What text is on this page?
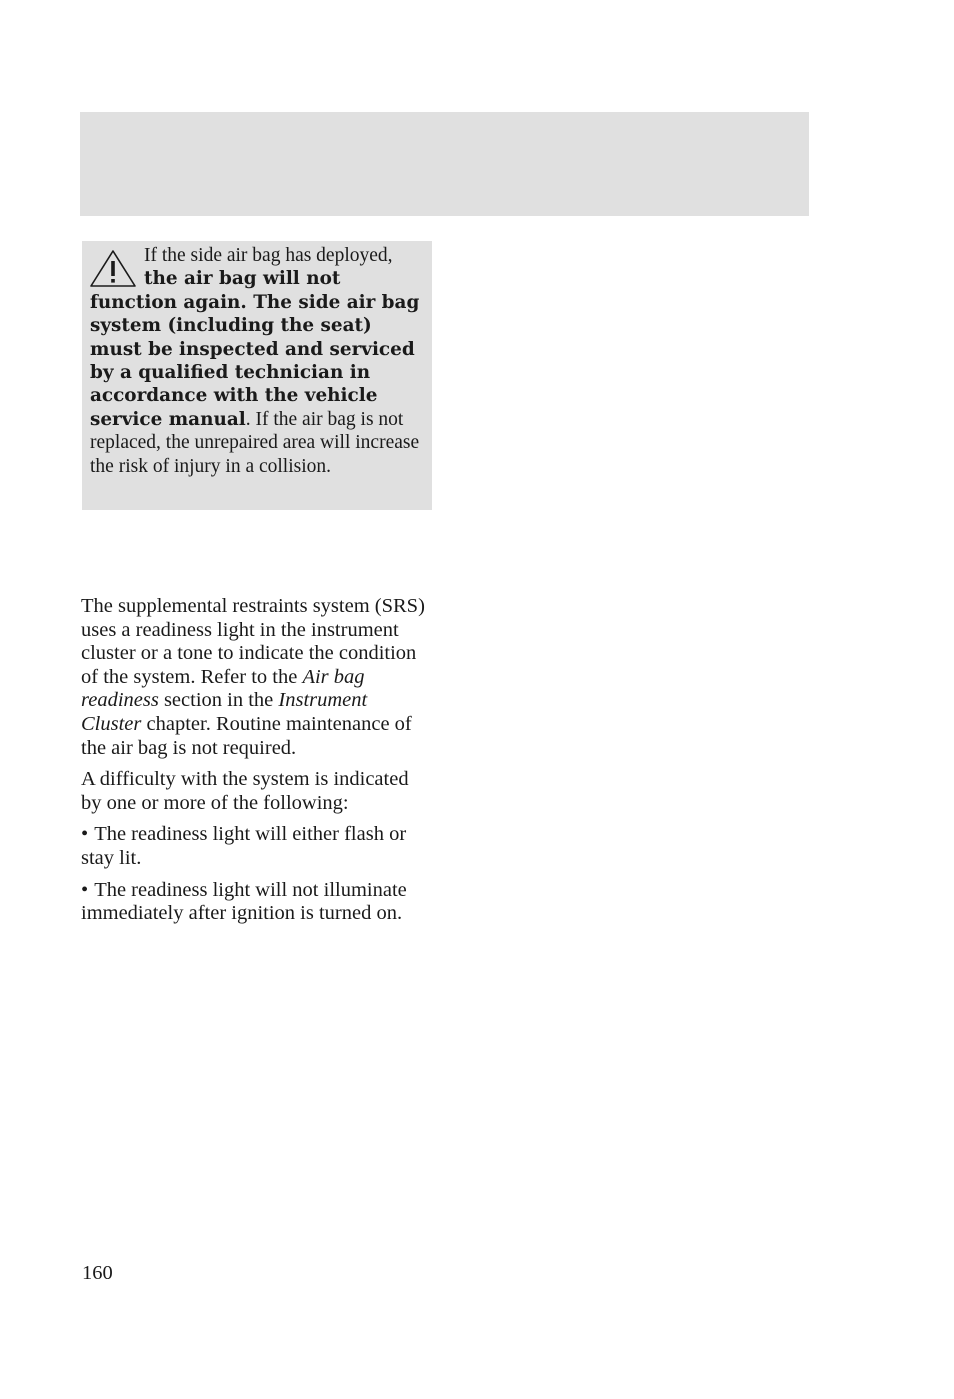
If the side air bag has deployed, the air bag will not function again. The side air bag system (including the seat) must be inspected and serviced by a qualified technician in accordance with the vehicle service manual. If the air bag is not replaced, the unrepaired area will increase the risk of injury in a collision.

The supplemental restraints system (SRS) uses a readiness light in the instrument cluster or a tone to indicate the condition of the system. Refer to the Air bag readiness section in the Instrument Cluster chapter. Routine maintenance of the air bag is not required.

A difficulty with the system is indicated by one or more of the following:

• The readiness light will either flash or stay lit.

• The readiness light will not illuminate immediately after ignition is turned on.

160
